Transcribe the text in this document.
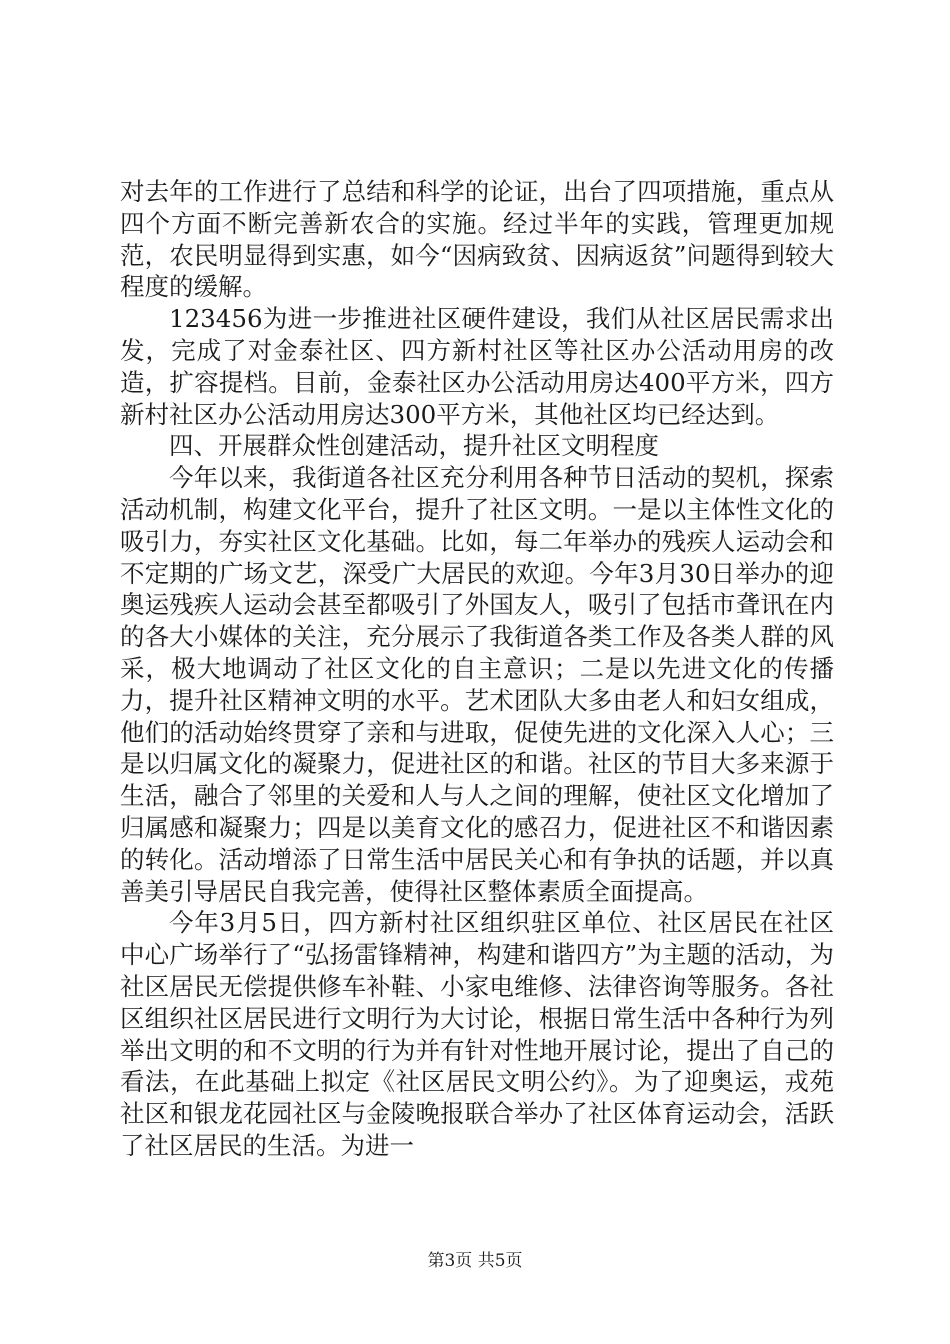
对去年的工作进行了总结和科学的论证，出台了四项措施，重点从四个方面不断完善新农合的实施。经过半年的实践，管理更加规范，农民明显得到实惠，如今“因病致贫、因病返贫”问题得到较大程度的缓解。

123456为进一步推进社区硬件建设，我们从社区居民需求出发，完成了对金泰社区、四方新村社区等社区办公活动用房的改造，扩容提档。目前，金泰社区办公活动用房达400平方米，四方新村社区办公活动用房达300平方米，其他社区均已经达到。

四、开展群众性创建活动，提升社区文明程度

今年以来，我街道各社区充分利用各种节日活动的契机，探索活动机制，构建文化平台，提升了社区文明。一是以主体性文化的吸引力，夯实社区文化基础。比如，每二年举办的残疾人运动会和不定期的广场文艺，深受广大居民的欢迎。今年3月30日举办的迎奥运残疾人运动会甚至都吸引了外国友人，吸引了包括市聋讯在内的各大小媒体的关注，充分展示了我街道各类工作及各类人群的风采，极大地调动了社区文化的自主意识；二是以先进文化的传播力，提升社区精神文明的水平。艺术团队大多由老人和妇女组成，他们的活动始终贯穿了亲和与进取，促使先进的文化深入人心；三是以归属文化的凝聚力，促进社区的和谐。社区的节目大多来源于生活，融合了邻里的关爱和人与人之间的理解，使社区文化增加了归属感和凝聚力；四是以美育文化的感召力，促进社区不和谐因素的转化。活动增添了日常生活中居民关心和有争执的话题，并以真善美引导居民自我完善，使得社区整体素质全面提高。

今年3月5日，四方新村社区组织驻区单位、社区居民在社区中心广场举行了“弘扬雷锋精神，构建和谐四方”为主题的活动，为社区居民无偿提供修车补鞋、小家电维修、法律咨询等服务。各社区组织社区居民进行文明行为大讨论，根据日常生活中各种行为列举出文明的和不文明的行为并有针对性地开展讨论，提出了自己的看法，在此基础上拟定《社区居民文明公约》。为了迎奥运，戎苑社区和银龙花园社区与金陵晚报联合举办了社区体育运动会，活跃了社区居民的生活。为进一

第3页 共5页
